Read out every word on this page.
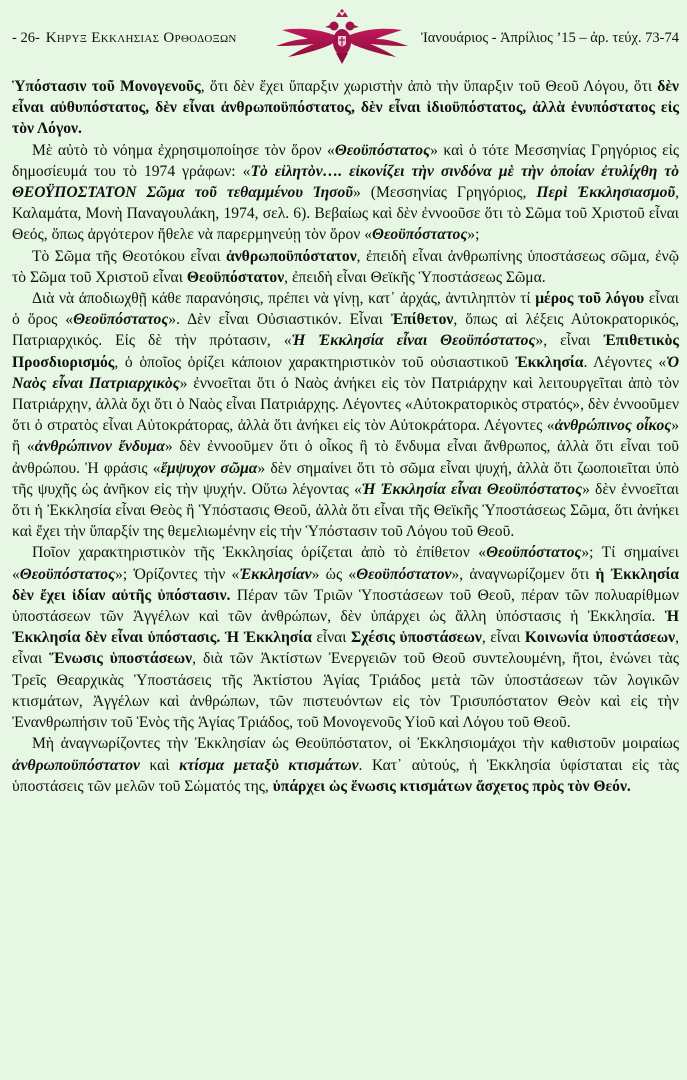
- 26- Κηρυξ Εκκλησιας Ορθοδοξων	Ἰανουάριος - Ἀπρίλιος ’15 – ἀρ. τεύχ. 73-74

Ὑπόστασιν τοῦ Μονογενοῦς, ὅτι δὲν ἔχει ὕπαρξιν χωριστὴν ἀπὸ τὴν ὕπαρξιν τοῦ Θεοῦ Λόγου, ὅτι δὲν εἶναι αὐθυπόστατος, δὲν εἶναι ἀνθρωποϋπόστατος, δὲν εἶναι ἰδιοϋπόστατος, ἀλλὰ ἐνυπόστατος εἰς τὸν Λόγον.

Μὲ αὐτὸ τὸ νόημα ἐχρησιμοποίησε τὸν ὅρον «Θεοϋπόστατος» καὶ ὁ τότε Μεσσηνίας Γρηγόριος εἰς δημοσίευμά του τὸ 1974 γράφων: «Τὸ εἰλητὸν…. εἰκονίζει τὴν σινδόνα μὲ τὴν ὁποίαν ἐτυλίχθη τὸ ΘΕΟΫΠΟΣΤΑΤΟΝ Σῶμα τοῦ τεθαμμένου Ἰησοῦ» (Μεσσηνίας Γρηγόριος, Περὶ Ἐκκλησιασμοῦ, Καλαμάτα, Μονὴ Παναγουλάκη, 1974, σελ. 6). Βεβαίως καὶ δὲν ἐννοοῦσε ὅτι τὸ Σῶμα τοῦ Χριστοῦ εἶναι Θεός, ὅπως ἀργότερον ἤθελε νὰ παρερμηνεύῃ τὸν ὅρον «Θεοϋπόστατος»;

Τὸ Σῶμα τῆς Θεοτόκου εἶναι ἀνθρωποϋπόστατον, ἐπειδὴ εἶναι ἀνθρωπίνης ὑποστάσεως σῶμα, ἐνῷ τὸ Σῶμα τοῦ Χριστοῦ εἶναι Θεοϋπόστατον, ἐπειδὴ εἶναι Θεϊκῆς Ὑποστάσεως Σῶμα.

Διὰ νὰ ἀποδιωχθῇ κάθε παρανόησις, πρέπει νὰ γίνῃ, κατ᾽ ἀρχάς, ἀντιληπτὸν τί μέρος τοῦ λόγου εἶναι ὁ ὅρος «Θεοϋπόστατος». Δὲν εἶναι Οὐσιαστικόν. Εἶναι Ἐπίθετον, ὅπως αἱ λέξεις Αὐτοκρατορικός, Πατριαρχικός. Εἰς δὲ τὴν πρότασιν, «Ἡ Ἐκκλησία εἶναι Θεοϋπόστατος», εἶναι Ἐπιθετικὸς Προσδιορισμός, ὁ ὁποῖος ὁρίζει κάποιον χαρακτηριστικὸν τοῦ οὐσιαστικοῦ Ἐκκλησία. Λέγοντες «Ὁ Ναὸς εἶναι Πατριαρχικὸς» ἐννοεῖται ὅτι ὁ Ναὸς ἀνήκει εἰς τὸν Πατριάρχην καὶ λειτουργεῖται ἀπὸ τὸν Πατριάρχην, ἀλλὰ ὄχι ὅτι ὁ Ναὸς εἶναι Πατριάρχης. Λέγοντες «Αὐτοκρατορικὸς στρατός», δὲν ἐννοοῦμεν ὅτι ὁ στρατὸς εἶναι Αὐτοκράτορας, ἀλλὰ ὅτι ἀνήκει εἰς τὸν Αὐτοκράτορα. Λέγοντες «ἀνθρώπινος οἶκος» ἢ «ἀνθρώπινον ἔνδυμα» δὲν ἐννοοῦμεν ὅτι ὁ οἶκος ἢ τὸ ἔνδυμα εἶναι ἄνθρωπος, ἀλλὰ ὅτι εἶναι τοῦ ἀνθρώπου. Ἡ φράσις «ἔμψυχον σῶμα» δὲν σημαίνει ὅτι τὸ σῶμα εἶναι ψυχή, ἀλλὰ ὅτι ζωοποιεῖται ὑπὸ τῆς ψυχῆς ὡς ἀνῆκον εἰς τὴν ψυχήν. Οὕτω λέγοντας «Ἡ Ἐκκλησία εἶναι Θεοϋπόστατος» δὲν ἐννοεῖται ὅτι ἡ Ἐκκλησία εἶναι Θεὸς ἢ Ὑπόστασις Θεοῦ, ἀλλὰ ὅτι εἶναι τῆς Θεϊκῆς Ὑποστάσεως Σῶμα, ὅτι ἀνήκει καὶ ἔχει τὴν ὕπαρξίν της θεμελιωμένην εἰς τὴν Ὑπόστασιν τοῦ Λόγου τοῦ Θεοῦ.

Ποῖον χαρακτηριστικὸν τῆς Ἐκκλησίας ὁρίζεται ἀπὸ τὸ ἐπίθετον «Θεοϋπόστατος»; Τί σημαίνει «Θεοϋπόστατος»; Ὁρίζοντες τὴν «Ἐκκλησίαν» ὡς «Θεοϋπόστατον», ἀναγνωρίζομεν ὅτι ἡ Ἐκκλησία δὲν ἔχει ἰδίαν αὐτῆς ὑπόστασιν. Πέραν τῶν Τριῶν Ὑποστάσεων τοῦ Θεοῦ, πέραν τῶν πολυαρίθμων ὑποστάσεων τῶν Ἀγγέλων καὶ τῶν ἀνθρώπων, δὲν ὑπάρχει ὡς ἄλλη ὑπόστασις ἡ Ἐκκλησία. Ἡ Ἐκκλησία δὲν εἶναι ὑπόστασις. Ἡ Ἐκκλησία εἶναι Σχέσις ὑποστάσεων, εἶναι Κοινωνία ὑποστάσεων, εἶναι Ἕνωσις ὑποστάσεων, διὰ τῶν Ἀκτίστων Ἐνεργειῶν τοῦ Θεοῦ συντελουμένη, ἤτοι, ἑνώνει τὰς Τρεῖς Θεαρχικὰς Ὑποστάσεις τῆς Ἀκτίστου Ἁγίας Τριάδος μετὰ τῶν ὑποστάσεων τῶν λογικῶν κτισμάτων, Ἀγγέλων καὶ ἀνθρώπων, τῶν πιστευόντων εἰς τὸν Τρισυπόστατον Θεὸν καὶ εἰς τὴν Ἐνανθρωπήσιν τοῦ Ἑνὸς τῆς Ἁγίας Τριάδος, τοῦ Μονογενοῦς Υἱοῦ καὶ Λόγου τοῦ Θεοῦ.

Μὴ ἀναγνωρίζοντες τὴν Ἐκκλησίαν ὡς Θεοϋπόστατον, οἱ Ἐκκλησιομάχοι τὴν καθιστοῦν μοιραίως ἀνθρωποϋπόστατον καὶ κτίσμα μεταξὺ κτισμάτων. Κατ᾽ αὐτούς, ἡ Ἐκκλησία ὑφίσταται εἰς τὰς ὑποστάσεις τῶν μελῶν τοῦ Σώματός της, ὑπάρχει ὡς ἕνωσις κτισμάτων ἄσχετος πρὸς τὸν Θεόν.
